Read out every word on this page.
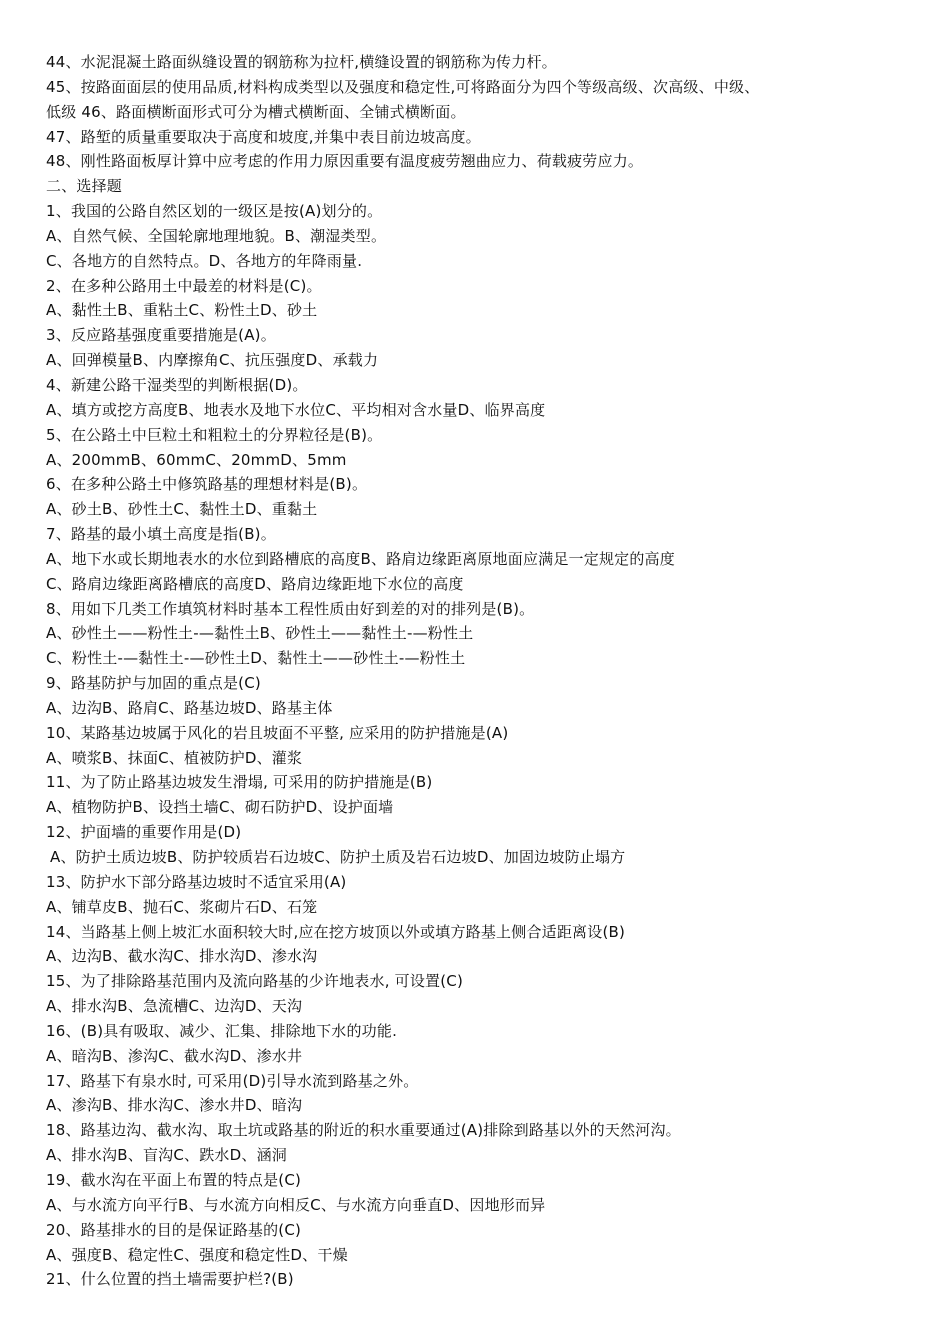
44、水泥混凝土路面纵缝设置的钢筋称为拉杆,横缝设置的钢筋称为传力杆。
45、按路面面层的使用品质,材料构成类型以及强度和稳定性,可将路面分为四个等级高级、次高级、中级、
低级 46、路面横断面形式可分为槽式横断面、全铺式横断面。
47、路堑的质量重要取决于高度和坡度,并集中表目前边坡高度。
48、刚性路面板厚计算中应考虑的作用力原因重要有温度疲劳翘曲应力、荷载疲劳应力。
二、选择题
1、我国的公路自然区划的一级区是按(A)划分的。
A、自然气候、全国轮廓地理地貌。B、潮湿类型。
C、各地方的自然特点。D、各地方的年降雨量.
2、在多种公路用土中最差的材料是(C)。
A、黏性土B、重粘土C、粉性土D、砂土
3、反应路基强度重要措施是(A)。
A、回弹模量B、内摩擦角C、抗压强度D、承载力
4、新建公路干湿类型的判断根据(D)。
A、填方或挖方高度B、地表水及地下水位C、平均相对含水量D、临界高度
5、在公路土中巨粒土和粗粒土的分界粒径是(B)。
A、200mmB、60mmC、20mmD、5mm
6、在多种公路土中修筑路基的理想材料是(B)。
A、砂土B、砂性土C、黏性土D、重黏土
7、路基的最小填土高度是指(B)。
A、地下水或长期地表水的水位到路槽底的高度B、路肩边缘距离原地面应满足一定规定的高度
C、路肩边缘距离路槽底的高度D、路肩边缘距地下水位的高度
8、用如下几类工作填筑材料时基本工程性质由好到差的对的排列是(B)。
A、砂性土——粉性土-—黏性土B、砂性土——黏性土-—粉性土
C、粉性土-—黏性土-—砂性土D、黏性土——砂性土-—粉性土
9、路基防护与加固的重点是(C)
A、边沟B、路肩C、路基边坡D、路基主体
10、某路基边坡属于风化的岩且坡面不平整, 应采用的防护措施是(A)
A、喷浆B、抹面C、植被防护D、灌浆
11、为了防止路基边坡发生滑塌, 可采用的防护措施是(B)
A、植物防护B、设挡土墙C、砌石防护D、设护面墙
12、护面墙的重要作用是(D)
A、防护土质边坡B、防护较质岩石边坡C、防护土质及岩石边坡D、加固边坡防止塌方
13、防护水下部分路基边坡时不适宜采用(A)
A、铺草皮B、抛石C、浆砌片石D、石笼
14、当路基上侧上坡汇水面积较大时,应在挖方坡顶以外或填方路基上侧合适距离设(B)
A、边沟B、截水沟C、排水沟D、渗水沟
15、为了排除路基范围内及流向路基的少许地表水, 可设置(C)
A、排水沟B、急流槽C、边沟D、天沟
16、(B)具有吸取、减少、汇集、排除地下水的功能.
A、暗沟B、渗沟C、截水沟D、渗水井
17、路基下有泉水时, 可采用(D)引导水流到路基之外。
A、渗沟B、排水沟C、渗水井D、暗沟
18、路基边沟、截水沟、取土坑或路基的附近的积水重要通过(A)排除到路基以外的天然河沟。
A、排水沟B、盲沟C、跌水D、涵洞
19、截水沟在平面上布置的特点是(C)
A、与水流方向平行B、与水流方向相反C、与水流方向垂直D、因地形而异
20、路基排水的目的是保证路基的(C)
A、强度B、稳定性C、强度和稳定性D、干燥
21、什么位置的挡土墙需要护栏?(B)
